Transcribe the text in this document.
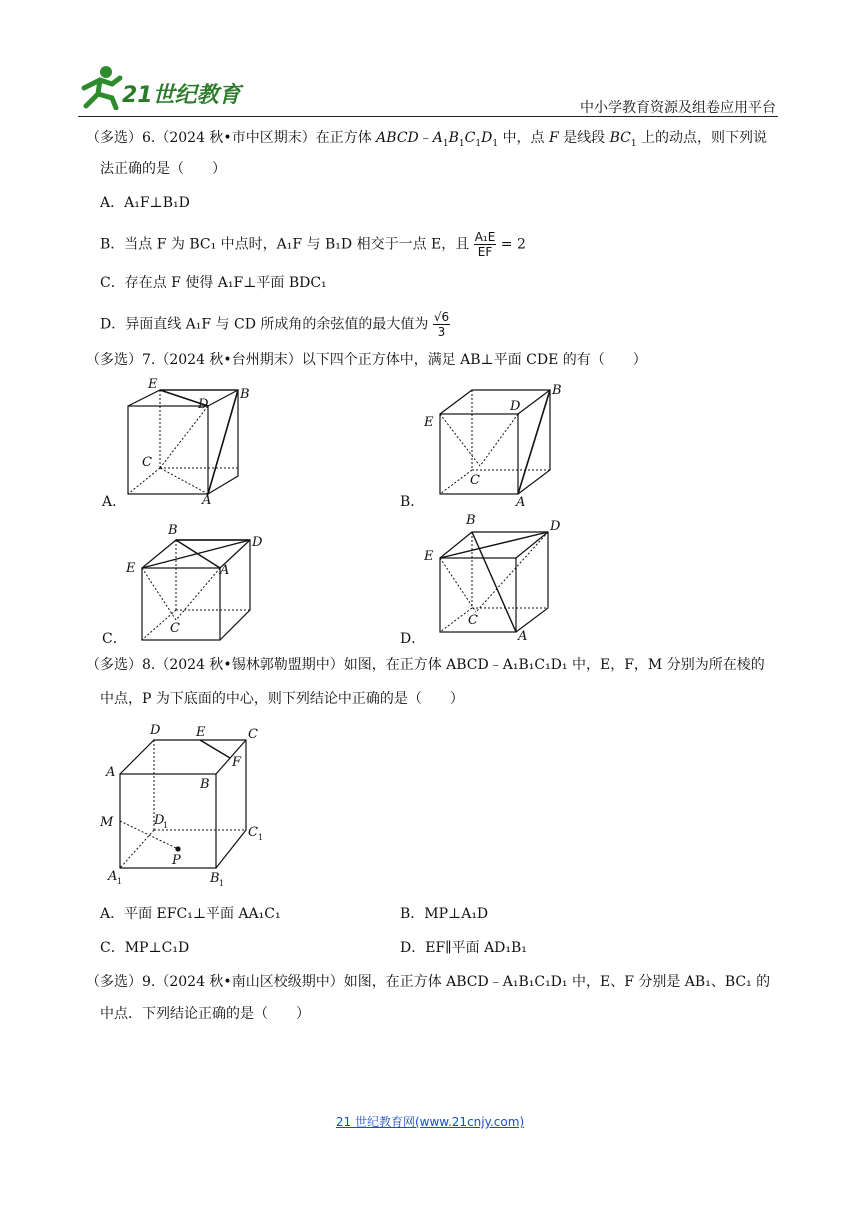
21世纪教育	中小学教育资源及组卷应用平台
（多选）6.（2024 秋•市中区期末）在正方体 $ABCD﹣A_1B_1C_1D_1$ 中，点 F 是线段 $BC_1$ 上的动点，则下列说
法正确的是（　　）
A．A₁F⊥B₁D
B．当点 F 为 BC₁ 中点时，A₁F 与 B₁D 相交于一点 E，且 $\frac{\text{A₁E}}{EF} = 2$
C．存在点 F 使得 A₁F⊥平面 BDC₁
D．异面直线 A₁F 与 CD 所成角的余弦值的最大值为 $\frac{√6}{3}$
（多选）7.（2024 秋•台州期末）以下四个正方体中，满足 AB⊥平面 CDE 的有（　　）
E
D
B
C
A
A．
E
D
B
C
A
B．
B
D
E	A
C
C．
B	D
E
C
A
D．
（多选）8.（2024 秋•锡林郭勒盟期中）如图，在正方体 ABCD﹣A₁B₁C₁D₁ 中，E，F，M 分别为所在棱的
中点，P 为下底面的中心，则下列结论中正确的是（　　）
D	E	C
A
F
B
M	D
1	C 1
P
A 1	B 1
A．平面 EFC₁⊥平面 AA₁C₁	B．MP⊥A₁D
C．MP⊥C₁D	D．EF∥平面 AD₁B₁
（多选）9.（2024 秋•南山区校级期中）如图，在正方体 ABCD﹣A₁B₁C₁D₁ 中，E、F 分别是 AB₁、BC₁ 的
中点．下列结论正确的是（　　）
21 世纪教育网(www.21cnjy.com)
